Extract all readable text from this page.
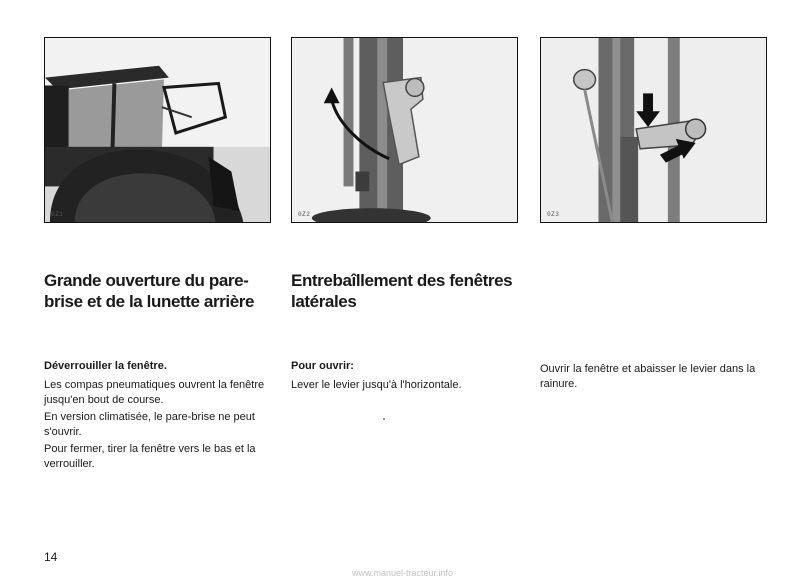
0Z1	0Z2	0Z3
Grande ouverture du pare-
brise et de la lunette arrière

Déverrouiller la fenêtre.

Les compas pneumatiques ouvrent la fenêtre jusqu'en bout de course.

En version climatisée, le pare-brise ne peut s'ouvrir.

Pour fermer, tirer la fenêtre vers le bas et la verrouiller.

Entrebaîllement des fenêtres
latérales

Pour ouvrir:

Lever le levier jusqu'à l'horizontale.

Ouvrir la fenêtre et abaisser le levier dans la rainure.

14

www.manuel-tracteur.info
